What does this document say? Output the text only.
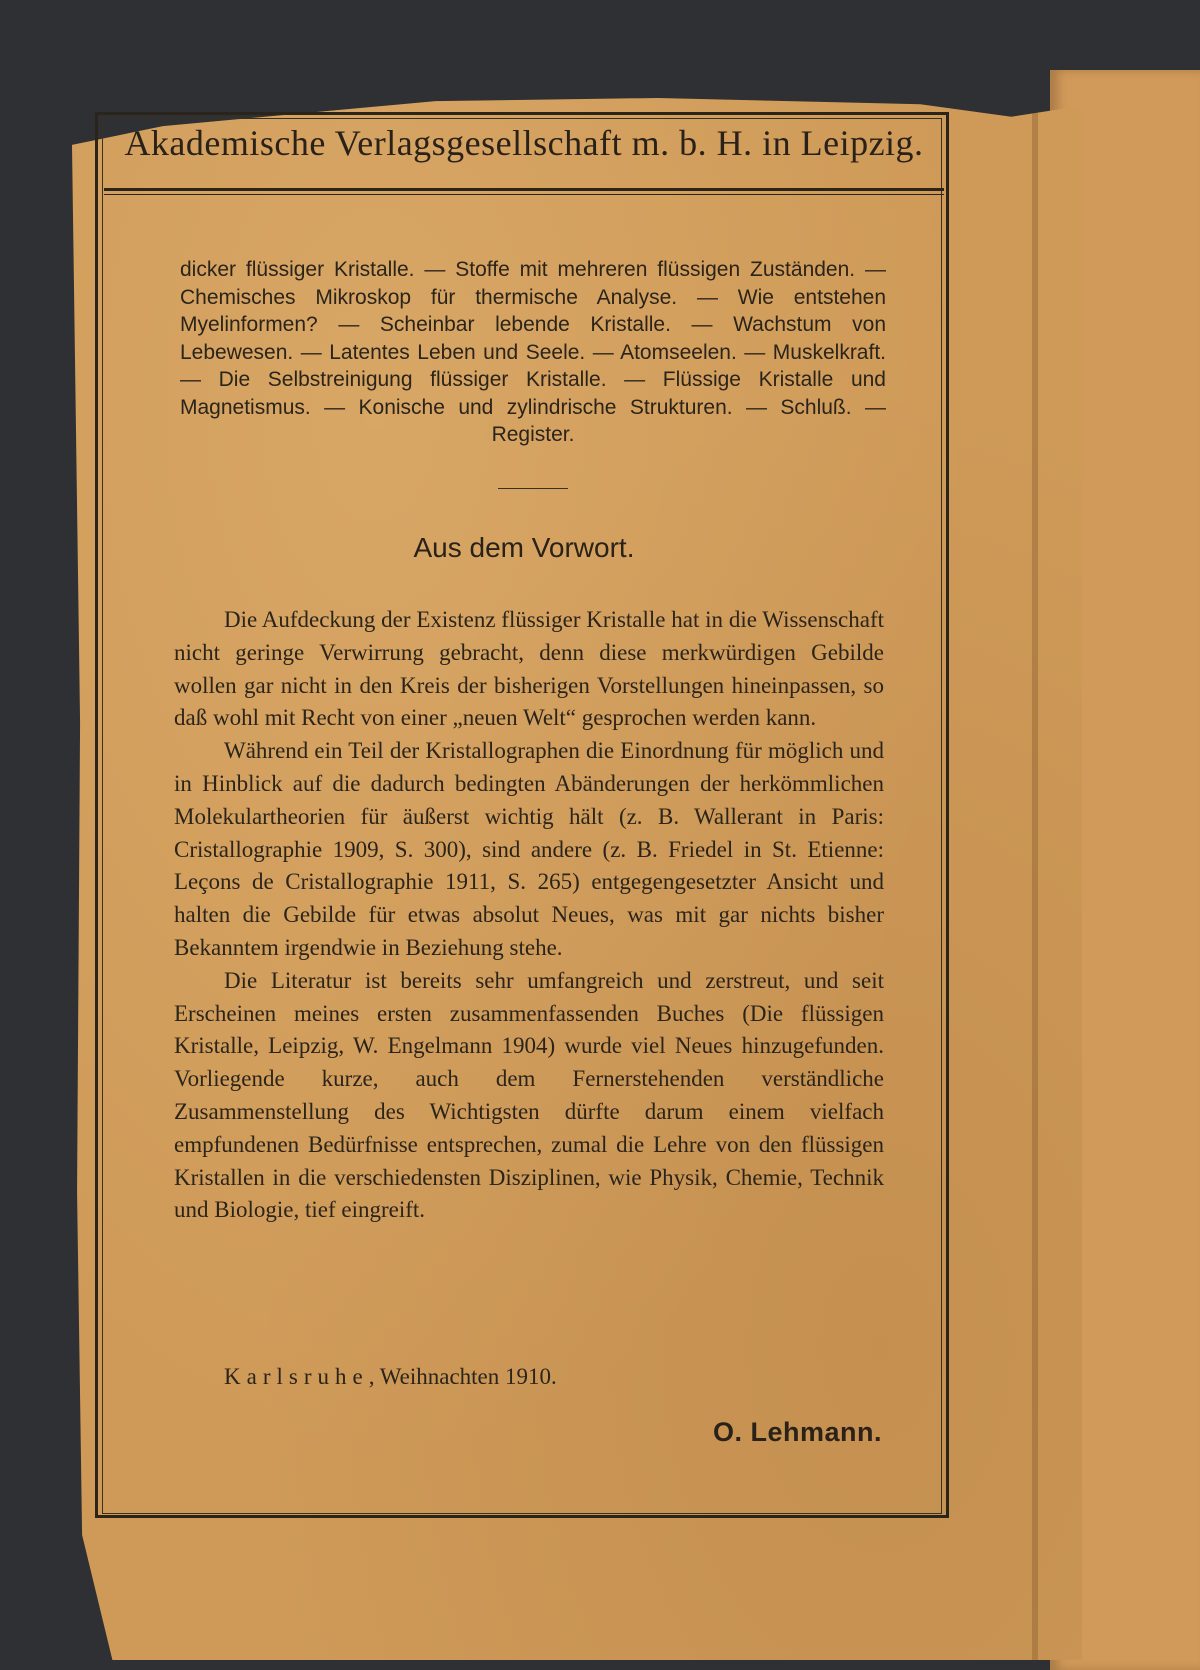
Akademische Verlagsgesellschaft m. b. H. in Leipzig.
dicker flüssiger Kristalle. — Stoffe mit mehreren flüssigen Zuständen. — Chemisches Mikroskop für thermische Analyse. — Wie entstehen Myelinformen? — Scheinbar lebende Kristalle. — Wachstum von Lebewesen. — Latentes Leben und Seele. — Atomseelen. — Muskelkraft. — Die Selbstreinigung flüssiger Kristalle. — Flüssige Kristalle und Magnetismus. — Konische und zylindrische Strukturen. — Schluß. — Register.
Aus dem Vorwort.

Die Aufdeckung der Existenz flüssiger Kristalle hat in die Wissenschaft nicht geringe Verwirrung gebracht, denn diese merkwürdigen Gebilde wollen gar nicht in den Kreis der bisherigen Vorstellungen hineinpassen, so daß wohl mit Recht von einer „neuen Welt“ gesprochen werden kann.

Während ein Teil der Kristallographen die Einordnung für möglich und in Hinblick auf die dadurch bedingten Abänderungen der herkömmlichen Molekulartheorien für äußerst wichtig hält (z. B. Wallerant in Paris: Cristallographie 1909, S. 300), sind andere (z. B. Friedel in St. Etienne: Leçons de Cristallographie 1911, S. 265) entgegengesetzter Ansicht und halten die Gebilde für etwas absolut Neues, was mit gar nichts bisher Bekanntem irgendwie in Beziehung stehe.

Die Literatur ist bereits sehr umfangreich und zerstreut, und seit Erscheinen meines ersten zusammenfassenden Buches (Die flüssigen Kristalle, Leipzig, W. Engelmann 1904) wurde viel Neues hinzugefunden. Vorliegende kurze, auch dem Fernerstehenden verständliche Zusammenstellung des Wichtigsten dürfte darum einem vielfach empfundenen Bedürfnisse entsprechen, zumal die Lehre von den flüssigen Kristallen in die verschiedensten Disziplinen, wie Physik, Chemie, Technik und Biologie, tief eingreift.

Karlsruhe, Weihnachten 1910.
O. Lehmann.
